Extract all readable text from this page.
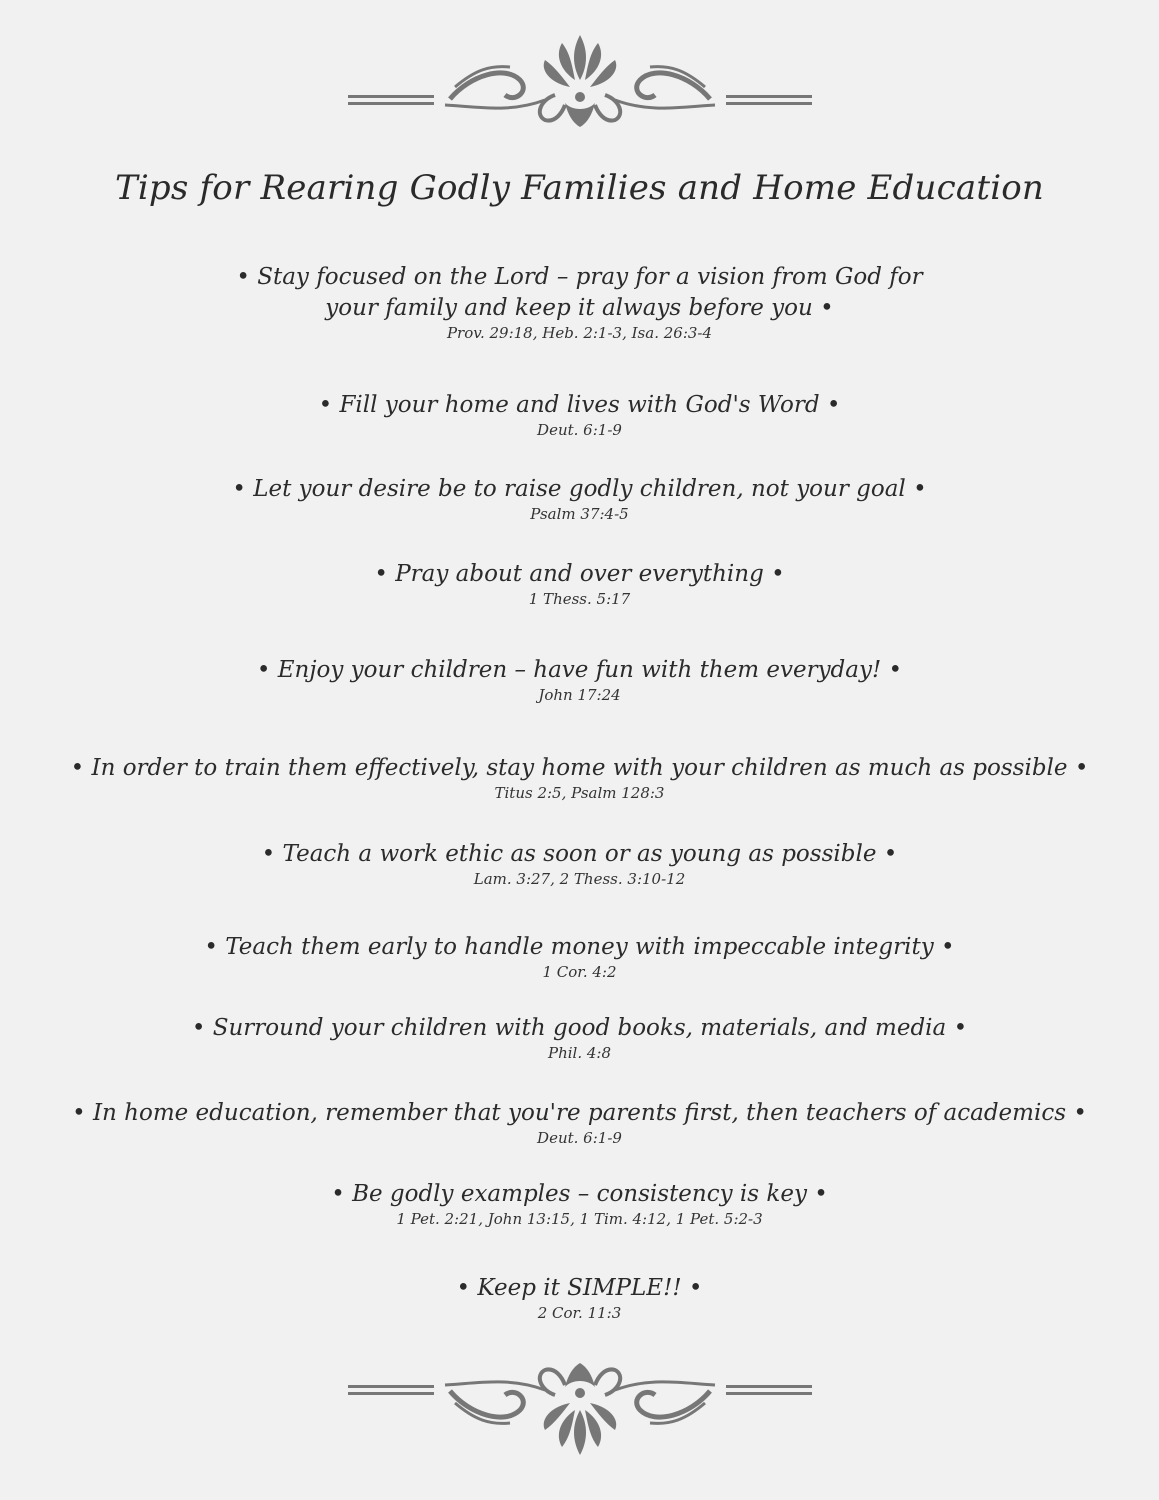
Tips for Rearing Godly Families and Home Education
• Stay focused on the Lord – pray for a vision from God for your family and keep it always before you •
Prov. 29:18, Heb. 2:1-3, Isa. 26:3-4
• Fill your home and lives with God's Word •
Deut. 6:1-9
• Let your desire be to raise godly children, not your goal •
Psalm 37:4-5
• Pray about and over everything •
1 Thess. 5:17
• Enjoy your children – have fun with them everyday! •
John 17:24
• In order to train them effectively, stay home with your children as much as possible •
Titus 2:5, Psalm 128:3
• Teach a work ethic as soon or as young as possible •
Lam. 3:27, 2 Thess. 3:10-12
• Teach them early to handle money with impeccable integrity •
1 Cor. 4:2
• Surround your children with good books, materials, and media •
Phil. 4:8
• In home education, remember that you're parents first, then teachers of academics •
Deut. 6:1-9
• Be godly examples – consistency is key •
1 Pet. 2:21, John 13:15, 1 Tim. 4:12, 1 Pet. 5:2-3
• Keep it SIMPLE!! •
2 Cor. 11:3
